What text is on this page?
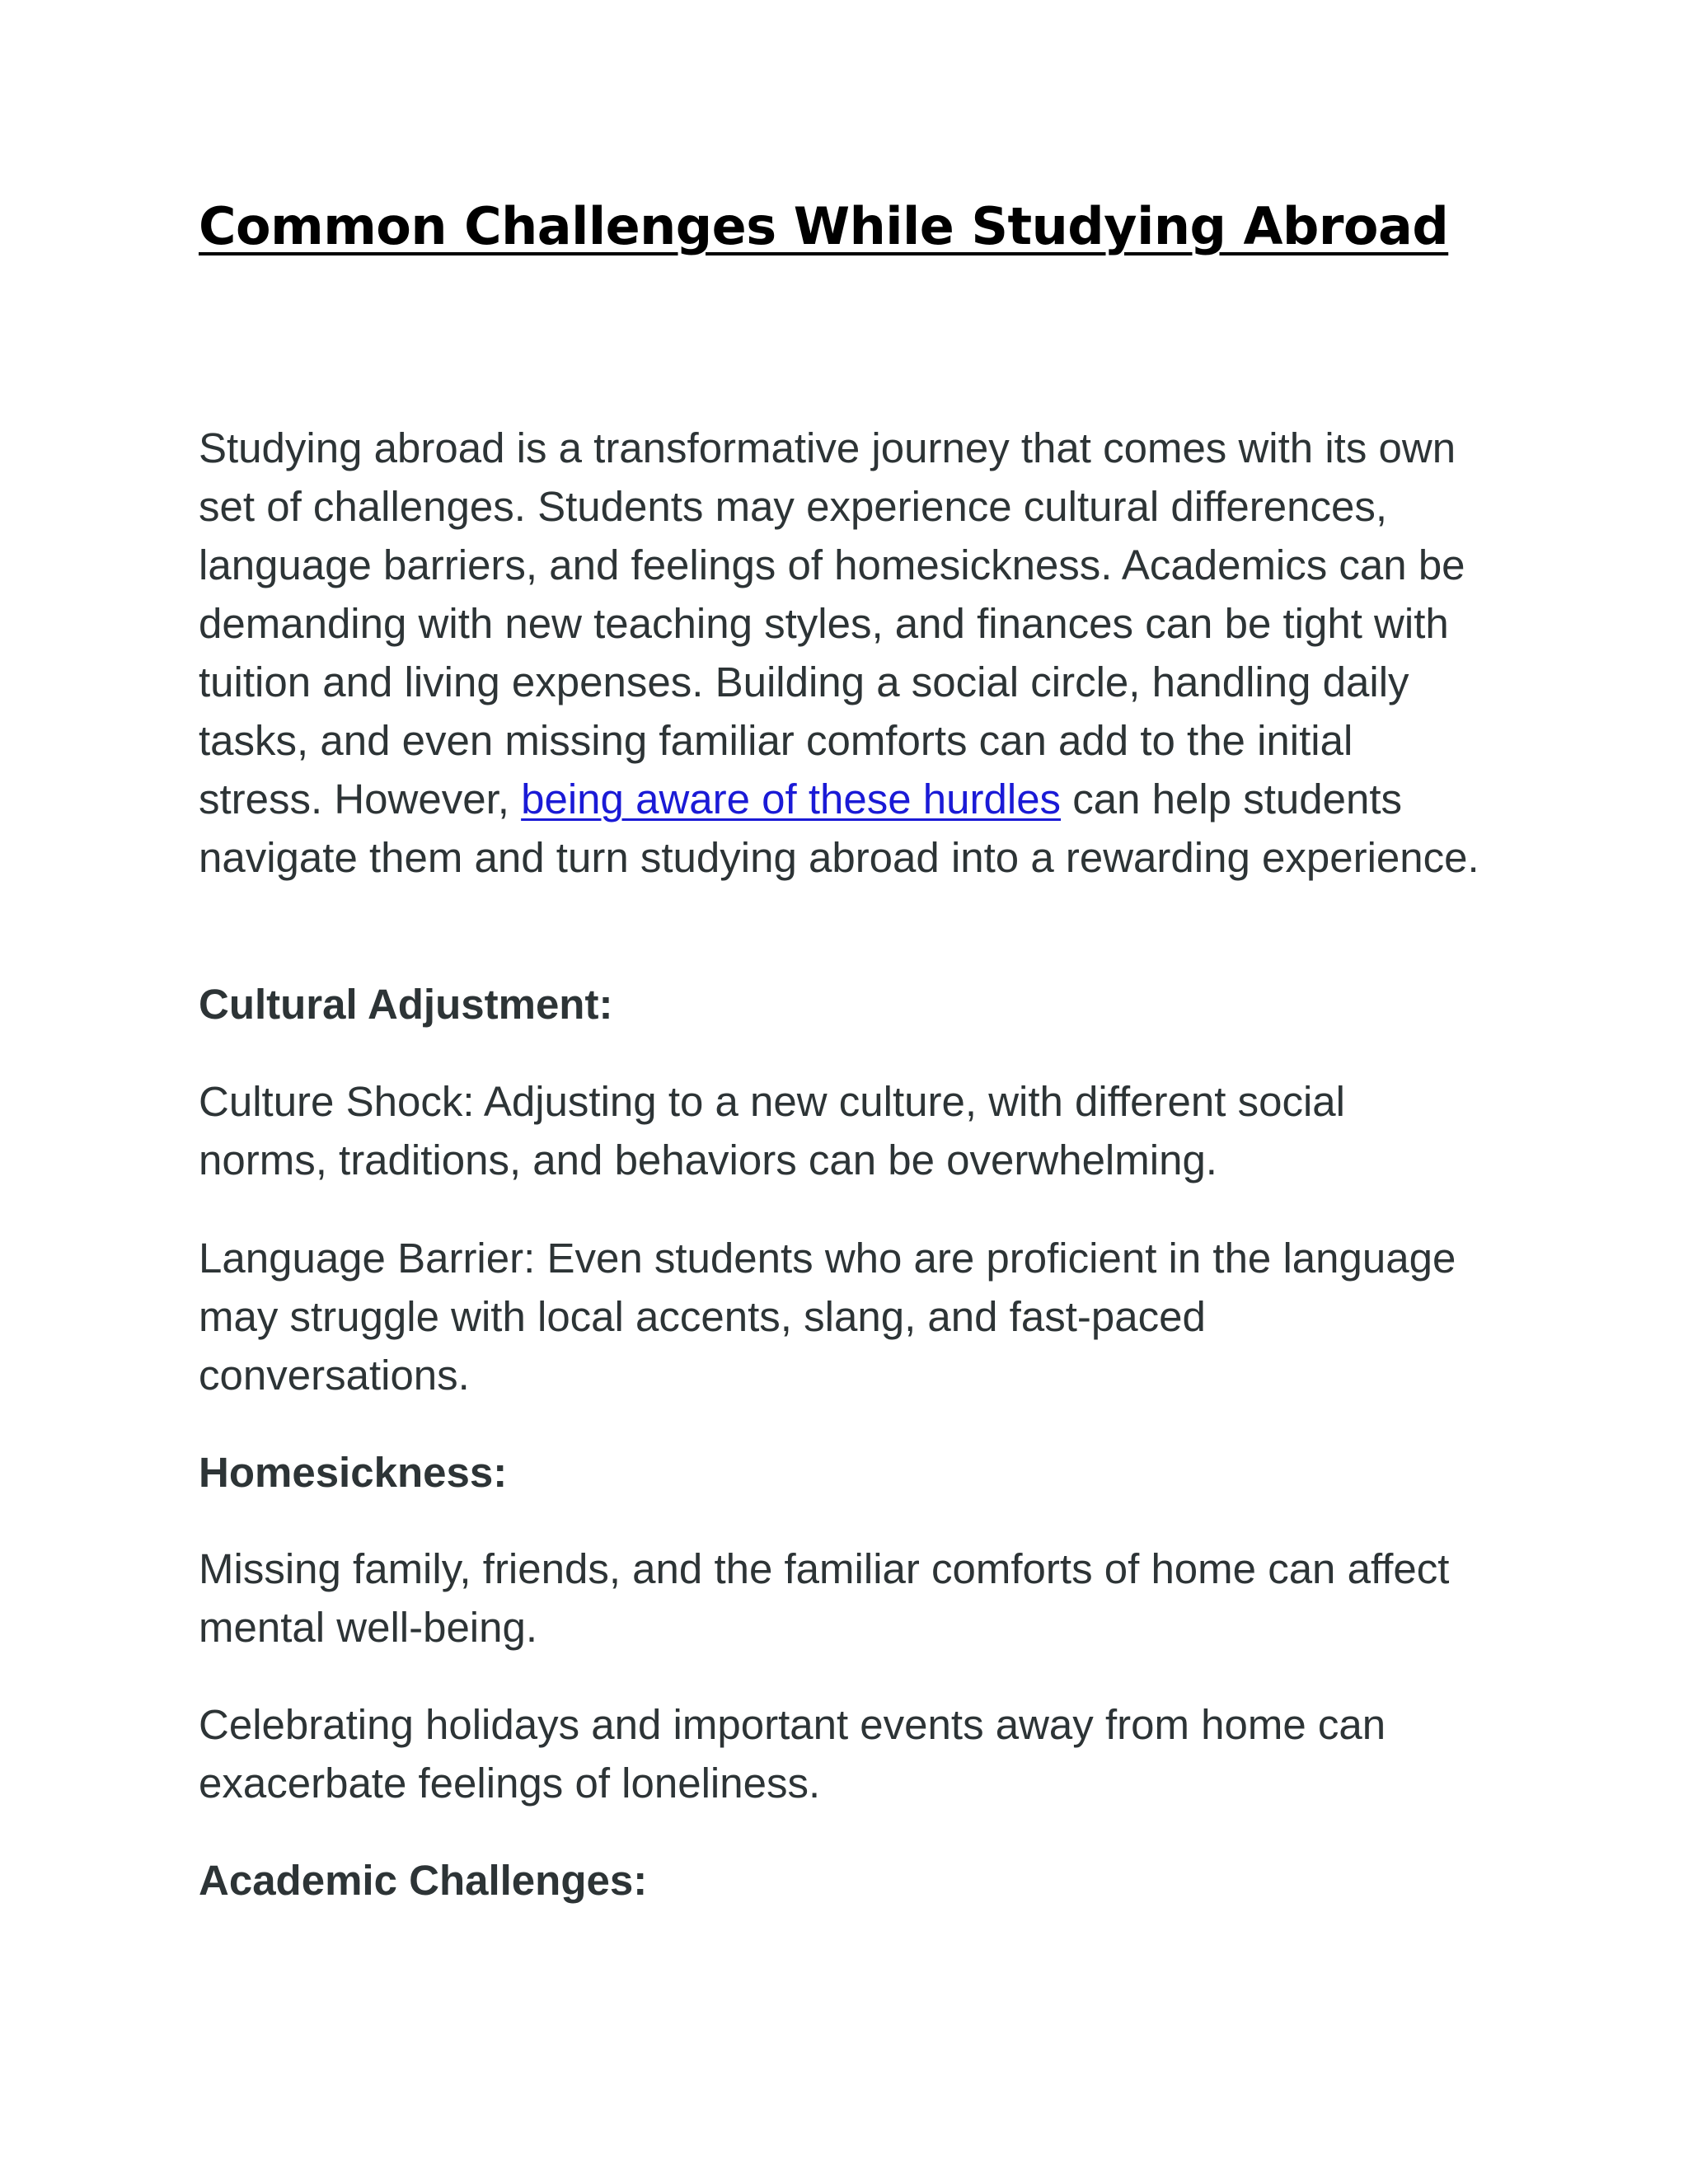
Common Challenges While Studying Abroad

Studying abroad is a transformative journey that comes with its own set of challenges. Students may experience cultural differences, language barriers, and feelings of homesickness. Academics can be demanding with new teaching styles, and finances can be tight with tuition and living expenses. Building a social circle, handling daily tasks, and even missing familiar comforts can add to the initial stress. However, being aware of these hurdles can help students navigate them and turn studying abroad into a rewarding experience.

Cultural Adjustment:

Culture Shock: Adjusting to a new culture, with different social norms, traditions, and behaviors can be overwhelming.

Language Barrier: Even students who are proficient in the language may struggle with local accents, slang, and fast-paced conversations.

Homesickness:

Missing family, friends, and the familiar comforts of home can affect mental well-being.

Celebrating holidays and important events away from home can exacerbate feelings of loneliness.

Academic Challenges:
